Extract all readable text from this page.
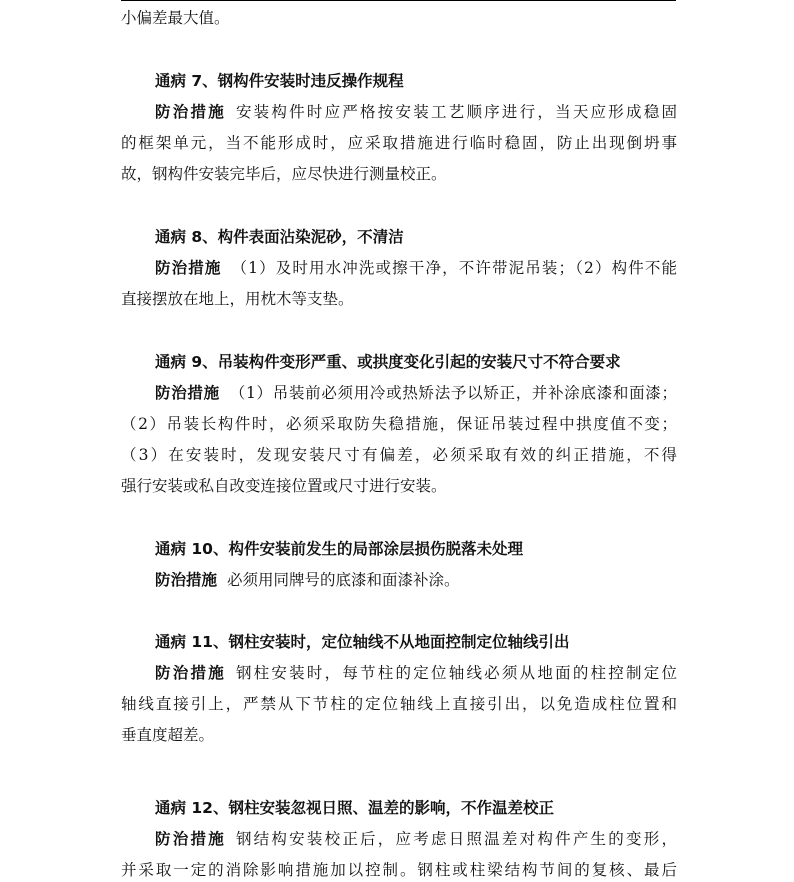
小偏差最大值。
通病 7、钢构件安装时违反操作规程
防治措施 安装构件时应严格按安装工艺顺序进行，当天应形成稳固
的框架单元，当不能形成时，应采取措施进行临时稳固，防止出现倒坍事
故，钢构件安装完毕后，应尽快进行测量校正。
通病 8、构件表面沾染泥砂，不清洁
防治措施 （1）及时用水冲洗或擦干净，不许带泥吊装；（2）构件不能
直接摆放在地上，用枕木等支垫。
通病 9、吊装构件变形严重、或拱度变化引起的安装尺寸不符合要求
防治措施 （1）吊装前必须用冷或热矫法予以矫正，并补涂底漆和面漆；
（2）吊装长构件时，必须采取防失稳措施，保证吊装过程中拱度值不变；
（3）在安装时，发现安装尺寸有偏差，必须采取有效的纠正措施，不得
强行安装或私自改变连接位置或尺寸进行安装。
通病 10、构件安装前发生的局部涂层损伤脱落未处理
防治措施 必须用同牌号的底漆和面漆补涂。
通病 11、钢柱安装时，定位轴线不从地面控制定位轴线引出
防治措施 钢柱安装时，每节柱的定位轴线必须从地面的柱控制定位
轴线直接引上，严禁从下节柱的定位轴线上直接引出，以免造成柱位置和
垂直度超差。
通病 12、钢柱安装忽视日照、温差的影响，不作温差校正
防治措施 钢结构安装校正后，应考虑日照温差对构件产生的变形，
并采取一定的消除影响措施加以控制。钢柱或柱梁结构节间的复核、最后
